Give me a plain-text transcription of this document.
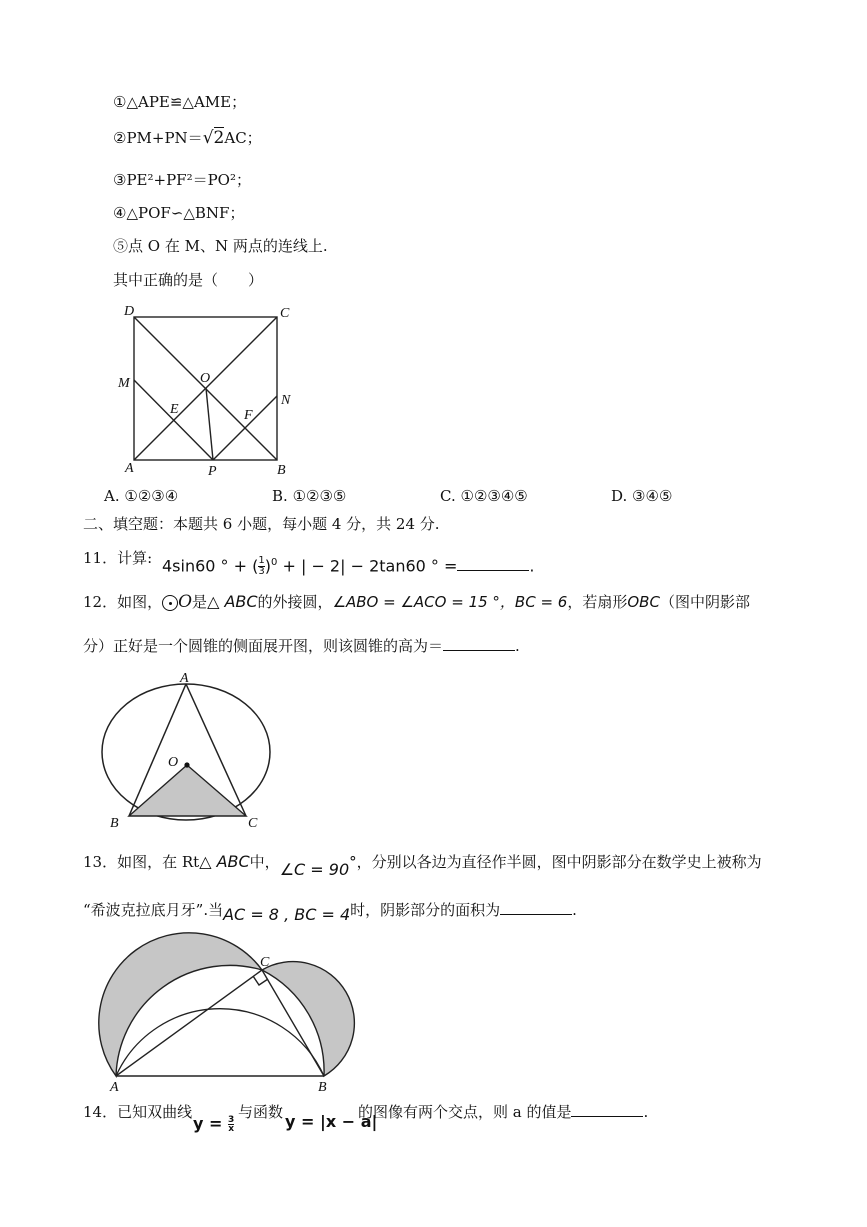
①△APE≌△AME；
②PM+PN＝√2AC；
③PE²+PF²＝PO²；
④△POF∽△BNF；
⑤点 O 在 M、N 两点的连线上.
其中正确的是（　　）
D	C
M	O
N
E	F
A	P	B
A. ①②③④	B. ①②③⑤	C. ①②③④⑤	D. ③④⑤
二、填空题：本题共 6 小题，每小题 4 分，共 24 分.
11．计算: 4sin60 ° + ( $\frac{1}{3} )^0$ + | − 2| − 2tan60 ° =	.
12．如图， O是△ ABC的外接圆，∠ABO = ∠ACO = 15 °，BC = 6，若扇形OBC（图中阴影部
分）正好是一个圆锥的侧面展开图，则该圆锥的高为＝	.
A
O
B	C
13．如图，在 Rt△ ABC中，∠C = 90°，分别以各边为直径作半圆，图中阴影部分在数学史上被称为
“希波克拉底月牙”.当AC = 8 , BC = 4时，阴影部分的面积为	.
C
A	B
14．已知双曲线
$y = \frac{3}{x}$
与函数 y = |x − a|
的图像有两个交点，则 a 的值是	.
